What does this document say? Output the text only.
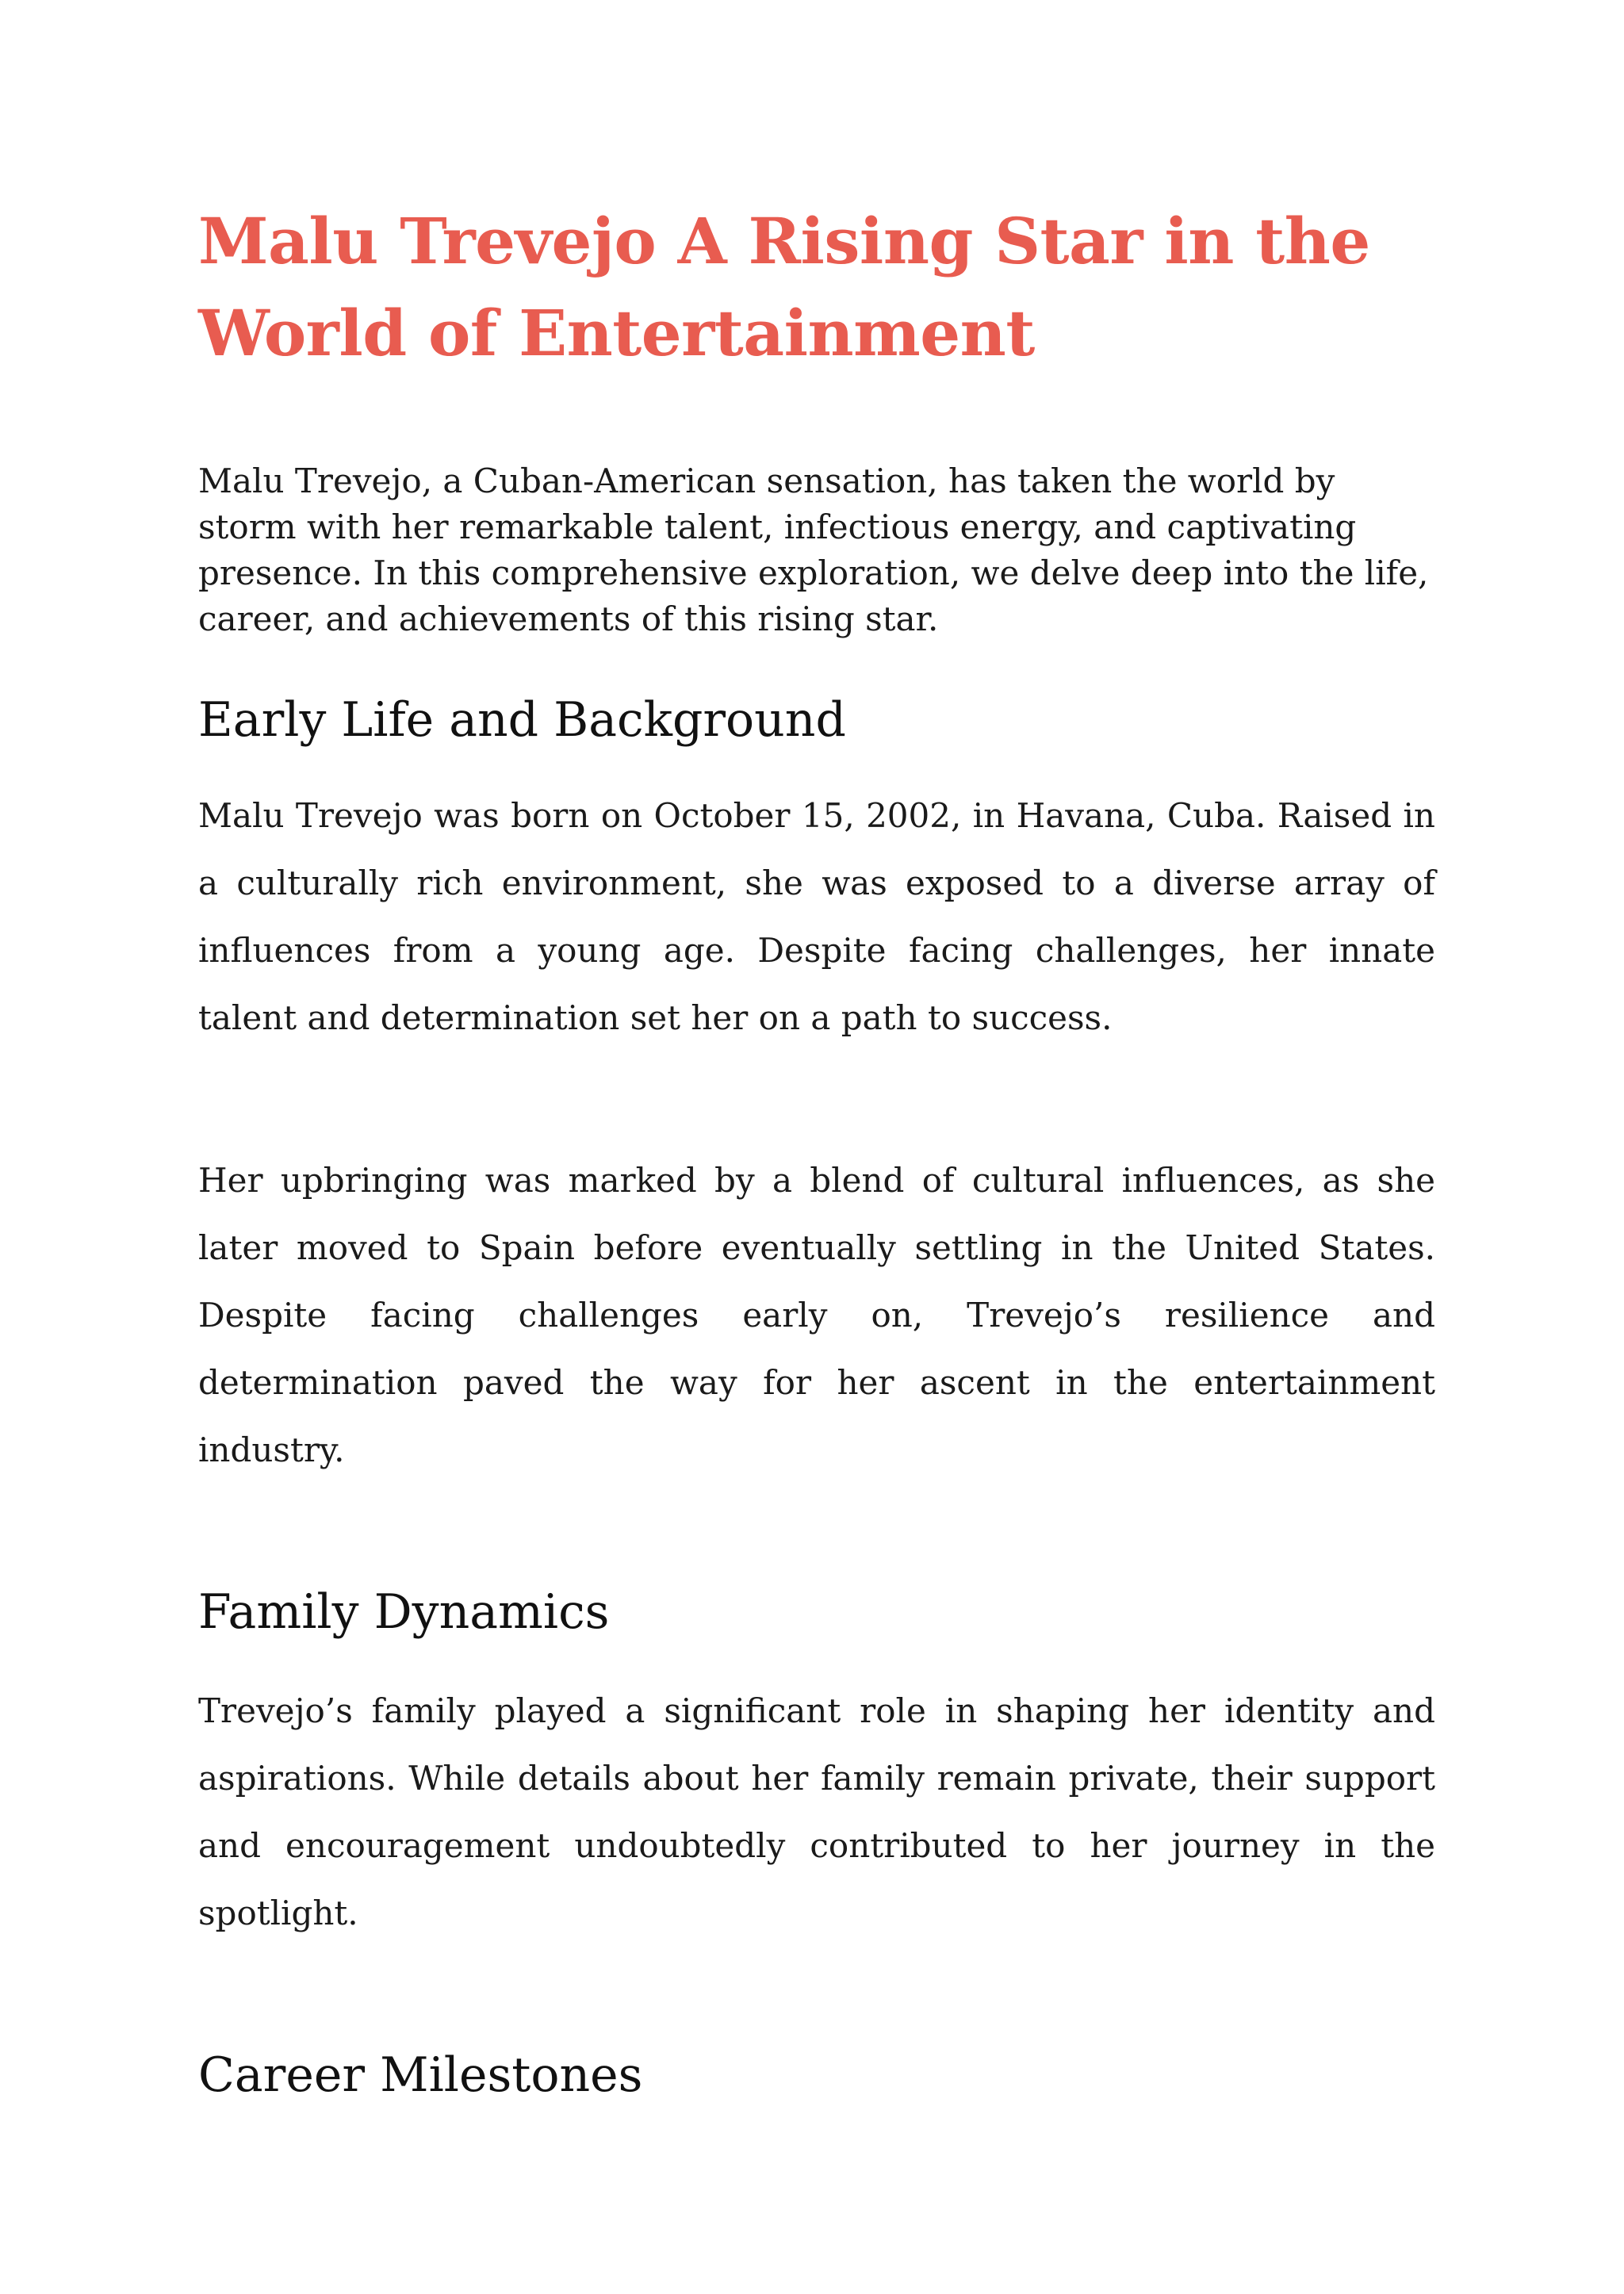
Malu Trevejo A Rising Star in the World of Entertainment

Malu Trevejo, a Cuban-American sensation, has taken the world by storm with her remarkable talent, infectious energy, and captivating presence. In this comprehensive exploration, we delve deep into the life, career, and achievements of this rising star.

Early Life and Background

Malu Trevejo was born on October 15, 2002, in Havana, Cuba. Raised in a culturally rich environment, she was exposed to a diverse array of influences from a young age. Despite facing challenges, her innate talent and determination set her on a path to success.

Her upbringing was marked by a blend of cultural influences, as she later moved to Spain before eventually settling in the United States. Despite facing challenges early on, Trevejo’s resilience and determination paved the way for her ascent in the entertainment industry.

Family Dynamics

Trevejo’s family played a significant role in shaping her identity and aspirations. While details about her family remain private, their support and encouragement undoubtedly contributed to her journey in the spotlight.

Career Milestones
